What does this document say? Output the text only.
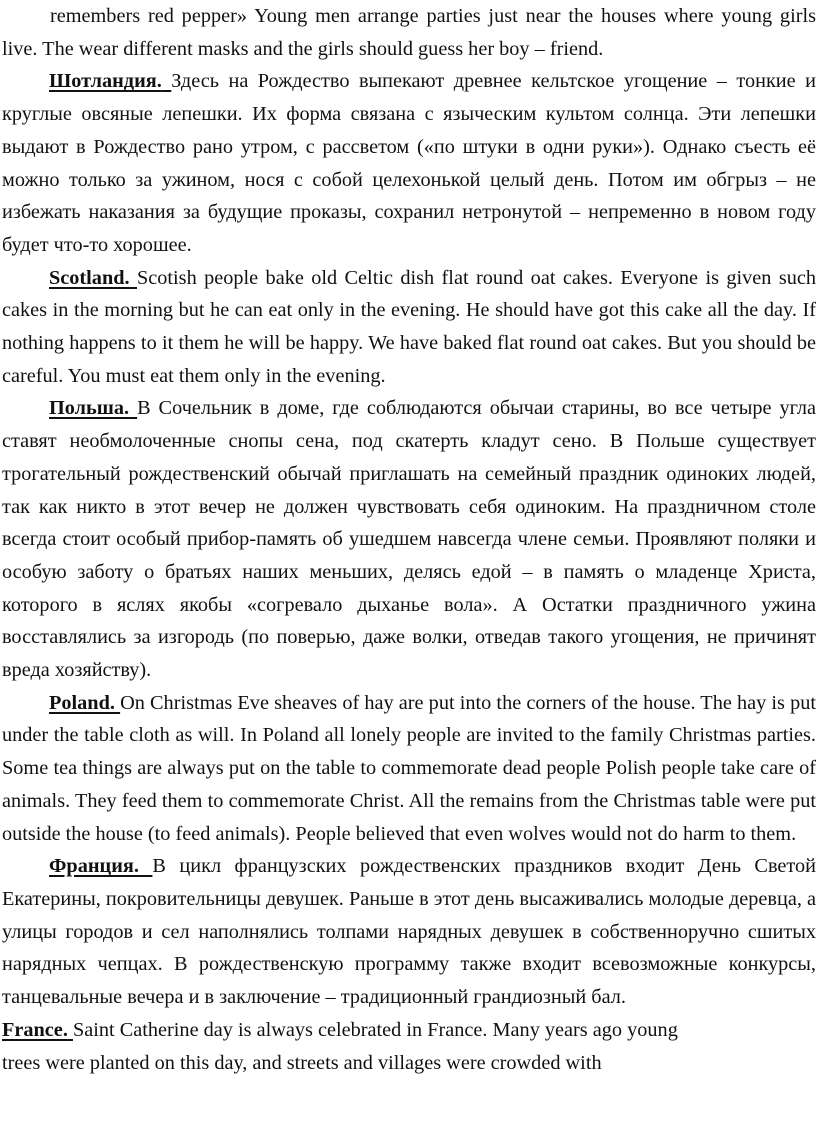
remembers red pepper» Young men arrange parties just near the houses where young girls live. The wear different masks and the girls should guess her boy – friend.

Шотландия. Здесь на Рождество выпекают древнее кельтское угощение – тонкие и круглые овсяные лепешки. Их форма связана с языческим культом солнца. Эти лепешки выдают в Рождество рано утром, с рассветом («по штуки в одни руки»). Однако съесть её можно только за ужином, нося с собой целехонькой целый день. Потом им обгрыз – не избежать наказания за будущие проказы, сохранил нетронутой – непременно в новом году будет что-то хорошее.

Scotland. Scotish people bake old Celtic dish flat round oat cakes. Everyone is given such cakes in the morning but he can eat only in the evening. He should have got this cake all the day. If nothing happens to it them he will be happy. We have baked flat round oat cakes. But you should be careful. You must eat them only in the evening.

Польша. В Сочельник в доме, где соблюдаются обычаи старины, во все четыре угла ставят необмолоченные снопы сена, под скатерть кладут сено. В Польше существует трогательный рождественский обычай приглашать на семейный праздник одиноких людей, так как никто в этот вечер не должен чувствовать себя одиноким. На праздничном столе всегда стоит особый прибор-память об ушедшем навсегда члене семьи. Проявляют поляки и особую заботу о братьях наших меньших, делясь едой – в память о младенце Христа, которого в яслях якобы «согревало дыханье вола». А Остатки праздничного ужина восставлялись за изгородь (по поверью, даже волки, отведав такого угощения, не причинят вреда хозяйству).

Poland. On Christmas Eve sheaves of hay are put into the corners of the house. The hay is put under the table cloth as will. In Poland all lonely people are invited to the family Christmas parties. Some tea things are always put on the table to commemorate dead people Polish people take care of animals. They feed them to commemorate Christ. All the remains from the Christmas table were put outside the house (to feed animals). People believed that even wolves would not do harm to them.

Франция. В цикл французских рождественских праздников входит День Светой Екатерины, покровительницы девушек. Раньше в этот день высаживались молодые деревца, а улицы городов и сел наполнялись толпами нарядных девушек в собственноручно сшитых нарядных чепцах. В рождественскую программу также входит всевозможные конкурсы, танцевальные вечера и в заключение – традиционный грандиозный бал.

France. Saint Catherine day is always celebrated in France. Many years ago young
trees were planted on this day, and streets and villages were crowded with
